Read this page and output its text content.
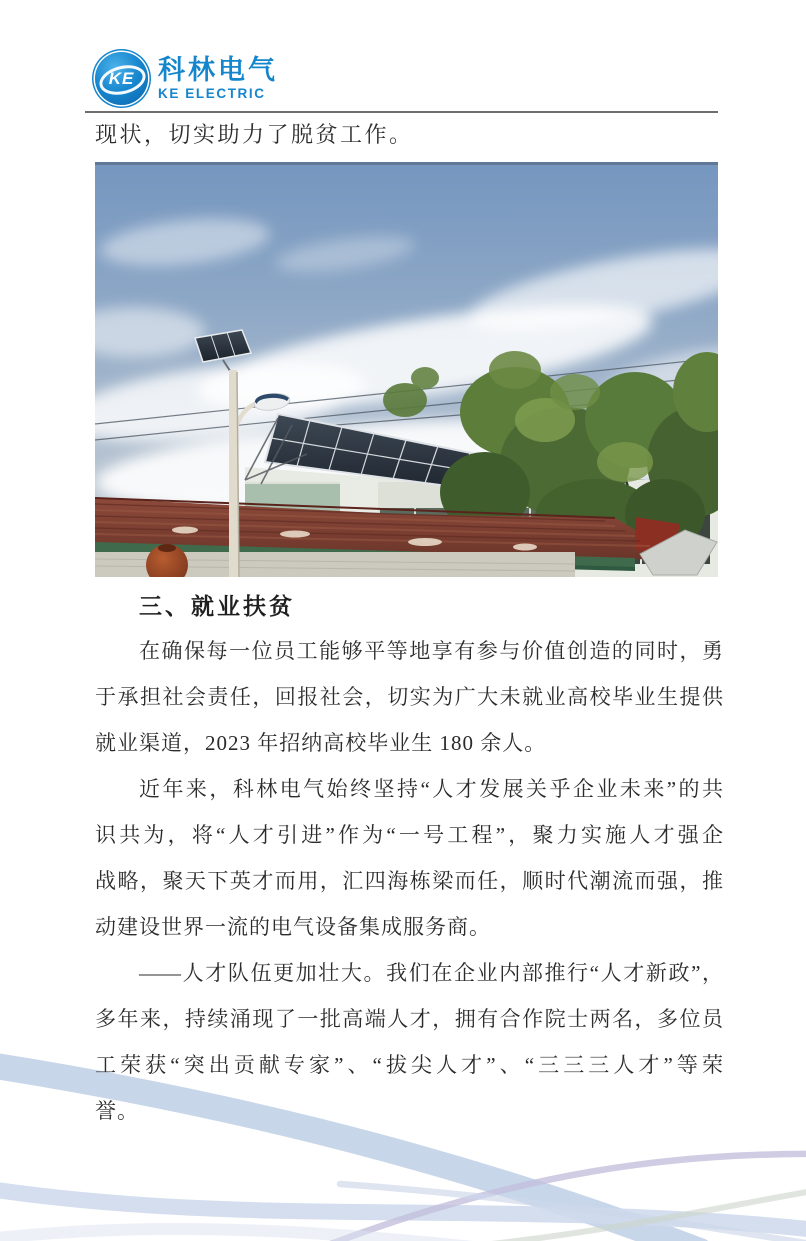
KE 科林电气
KE ELECTRIC

现状，切实助力了脱贫工作。

三、就业扶贫
在确保每一位员工能够平等地享有参与价值创造的同时，勇
于承担社会责任，回报社会，切实为广大未就业高校毕业生提供
就业渠道，2023 年招纳高校毕业生 180 余人。
近年来，科林电气始终坚持“人才发展关乎企业未来”的共
识共为，将“人才引进”作为“一号工程”，聚力实施人才强企
战略，聚天下英才而用，汇四海栋梁而任，顺时代潮流而强，推
动建设世界一流的电气设备集成服务商。
——人才队伍更加壮大。我们在企业内部推行“人才新政”，
多年来，持续涌现了一批高端人才，拥有合作院士两名，多位员
工荣获“突出贡献专家”、“拔尖人才”、“三三三人才”等荣
誉。
